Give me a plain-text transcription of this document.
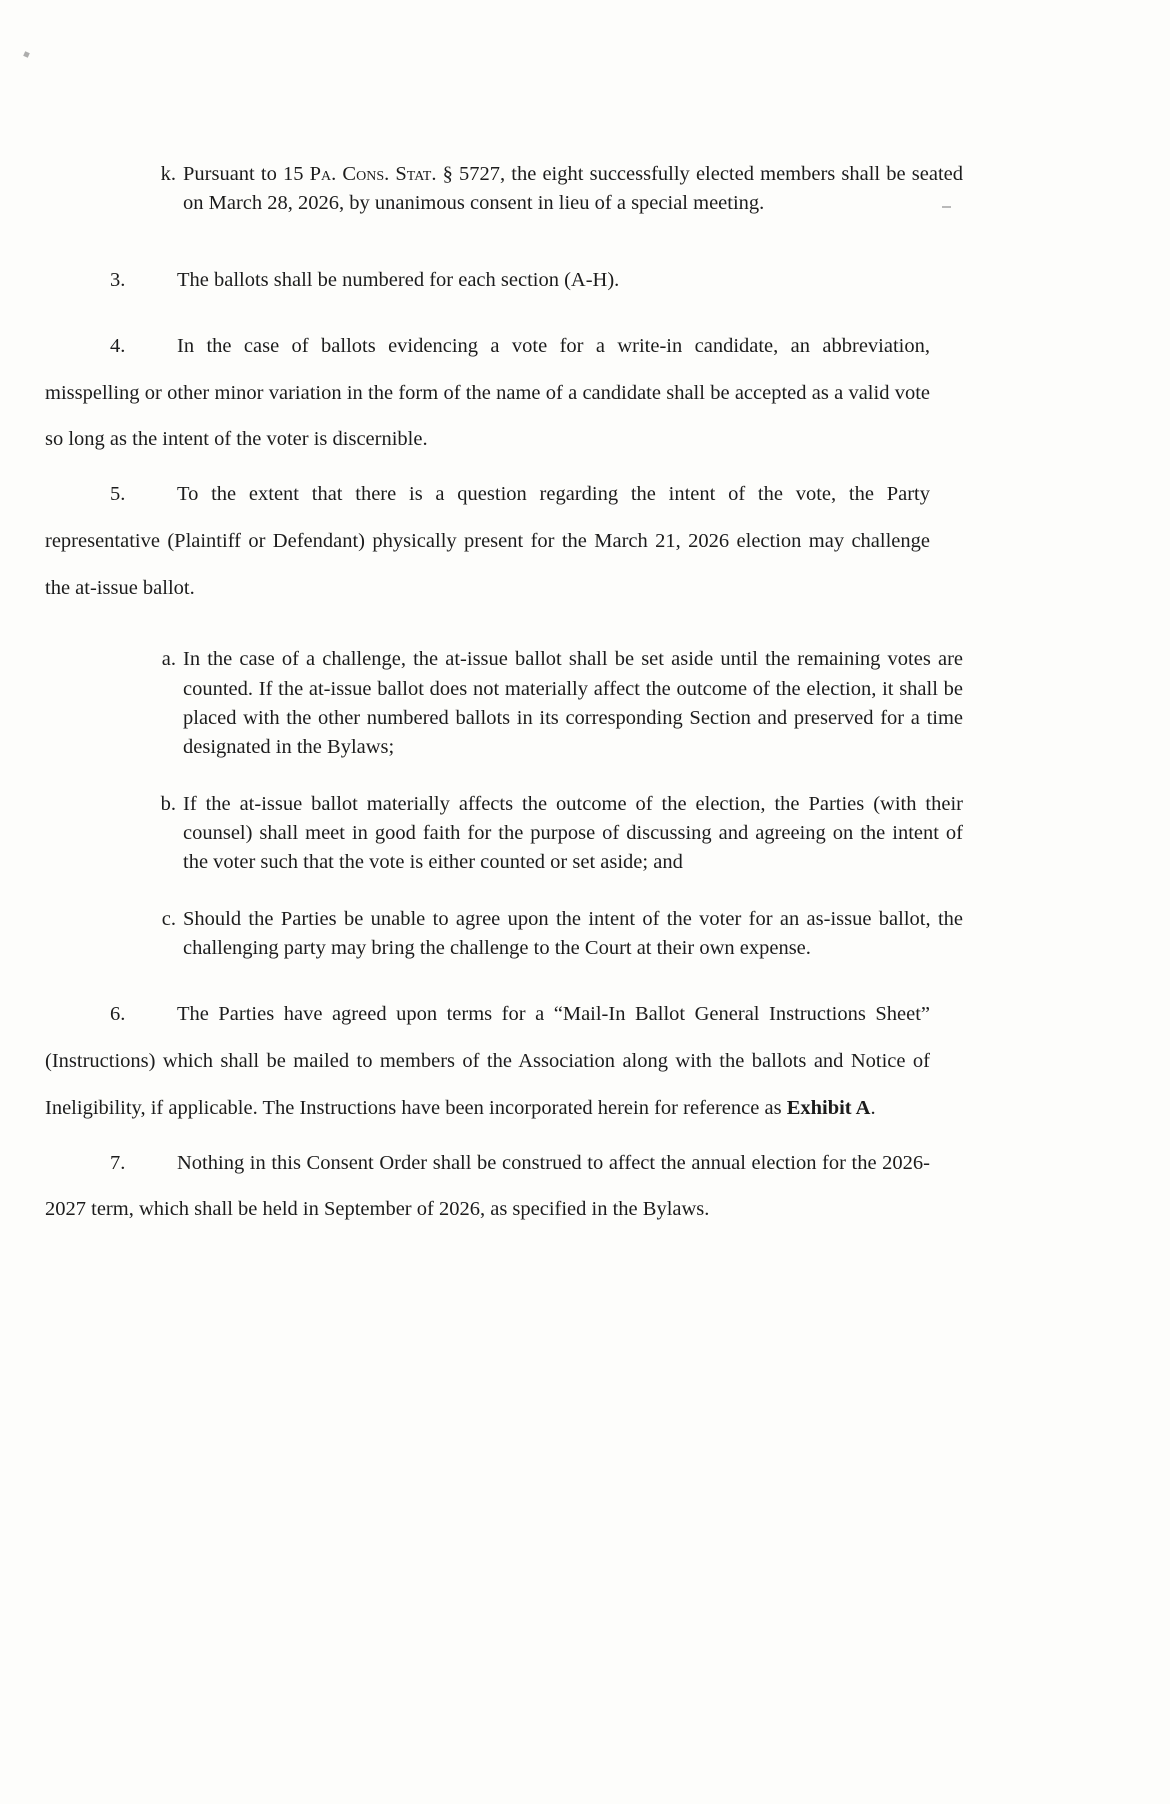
k. Pursuant to 15 Pa. Cons. Stat. § 5727, the eight successfully elected members shall be seated on March 28, 2026, by unanimous consent in lieu of a special meeting.
3.	The ballots shall be numbered for each section (A-H).
4.	In the case of ballots evidencing a vote for a write-in candidate, an abbreviation, misspelling or other minor variation in the form of the name of a candidate shall be accepted as a valid vote so long as the intent of the voter is discernible.
5.	To the extent that there is a question regarding the intent of the vote, the Party representative (Plaintiff or Defendant) physically present for the March 21, 2026 election may challenge the at-issue ballot.
a. In the case of a challenge, the at-issue ballot shall be set aside until the remaining votes are counted. If the at-issue ballot does not materially affect the outcome of the election, it shall be placed with the other numbered ballots in its corresponding Section and preserved for a time designated in the Bylaws;
b. If the at-issue ballot materially affects the outcome of the election, the Parties (with their counsel) shall meet in good faith for the purpose of discussing and agreeing on the intent of the voter such that the vote is either counted or set aside; and
c. Should the Parties be unable to agree upon the intent of the voter for an as-issue ballot, the challenging party may bring the challenge to the Court at their own expense.
6.	The Parties have agreed upon terms for a “Mail-In Ballot General Instructions Sheet” (Instructions) which shall be mailed to members of the Association along with the ballots and Notice of Ineligibility, if applicable. The Instructions have been incorporated herein for reference as Exhibit A.
7.	Nothing in this Consent Order shall be construed to affect the annual election for the 2026-2027 term, which shall be held in September of 2026, as specified in the Bylaws.
